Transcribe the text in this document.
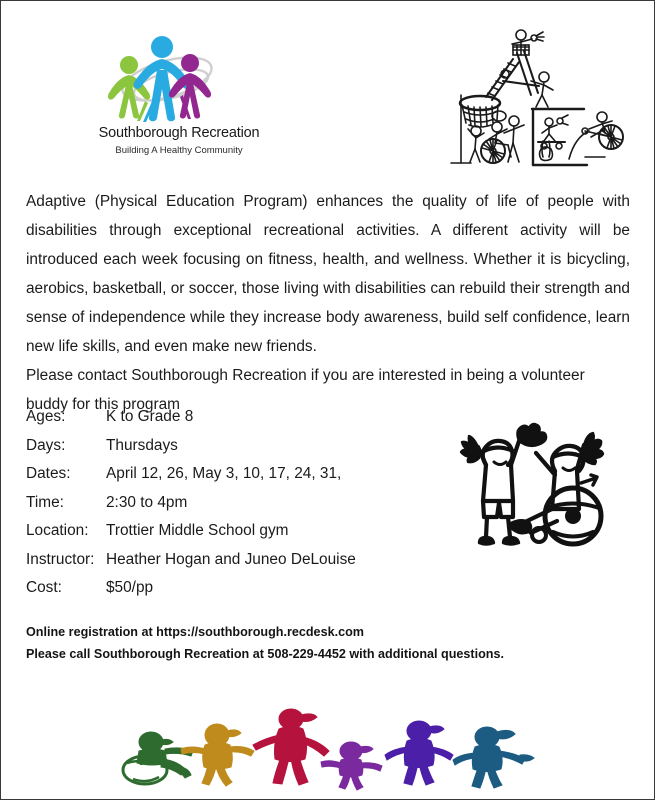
Southborough Recreation
Building A Healthy Community

Adaptive (Physical Education Program) enhances the quality of life of people with disabilities through exceptional recreational activities. A different activity will be introduced each week focusing on fitness, health, and wellness. Whether it is bicycling, aerobics, basketball, or soccer, those living with disabilities can rebuild their strength and sense of independence while they increase body awareness, build self confidence, learn new life skills, and even make new friends.

Please contact Southborough Recreation if you are interested in being a volunteer buddy for this program

Ages:	K to Grade 8
Days:	Thursdays
Dates:	April 12, 26, May 3, 10, 17, 24, 31,
Time:	2:30 to 4pm
Location:	Trottier Middle School gym
Instructor: Heather Hogan and Juneo DeLouise
Cost:	$50/pp

Online registration at https://southborough.recdesk.com

Please call Southborough Recreation at 508-229-4452 with additional questions.
